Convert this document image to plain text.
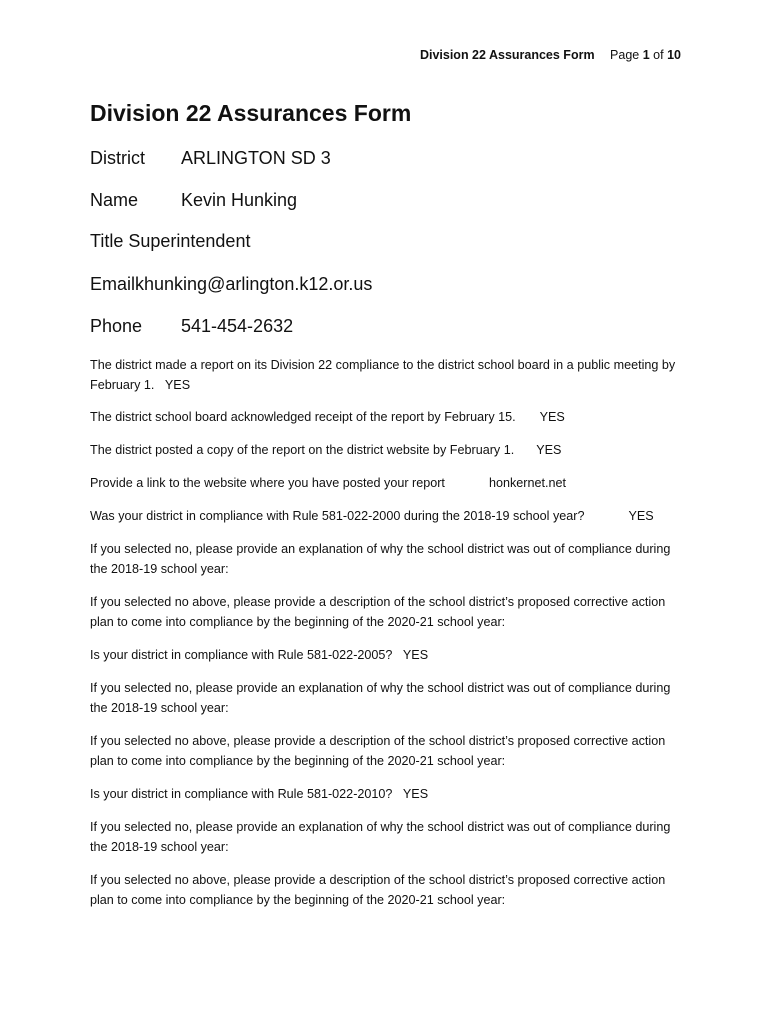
Division 22 Assurances Form Page 1 of 10
Division 22 Assurances Form
District ARLINGTON SD 3
Name Kevin Hunking
Title Superintendent
Emailkhunking@arlington.k12.or.us
Phone 541-454-2632

The district made a report on its Division 22 compliance to the district school board in a public meeting by February 1. YES

The district school board acknowledged receipt of the report by February 15. YES

The district posted a copy of the report on the district website by February 1. YES

Provide a link to the website where you have posted your report	honkernet.net

Was your district in compliance with Rule 581-022-2000 during the 2018-19 school year?	YES

If you selected no, please provide an explanation of why the school district was out of compliance during the 2018-19 school year:

If you selected no above, please provide a description of the school district’s proposed corrective action plan to come into compliance by the beginning of the 2020-21 school year:

Is your district in compliance with Rule 581-022-2005? YES

If you selected no, please provide an explanation of why the school district was out of compliance during the 2018-19 school year:

If you selected no above, please provide a description of the school district’s proposed corrective action plan to come into compliance by the beginning of the 2020-21 school year:

Is your district in compliance with Rule 581-022-2010? YES

If you selected no, please provide an explanation of why the school district was out of compliance during the 2018-19 school year:

If you selected no above, please provide a description of the school district’s proposed corrective action plan to come into compliance by the beginning of the 2020-21 school year:
